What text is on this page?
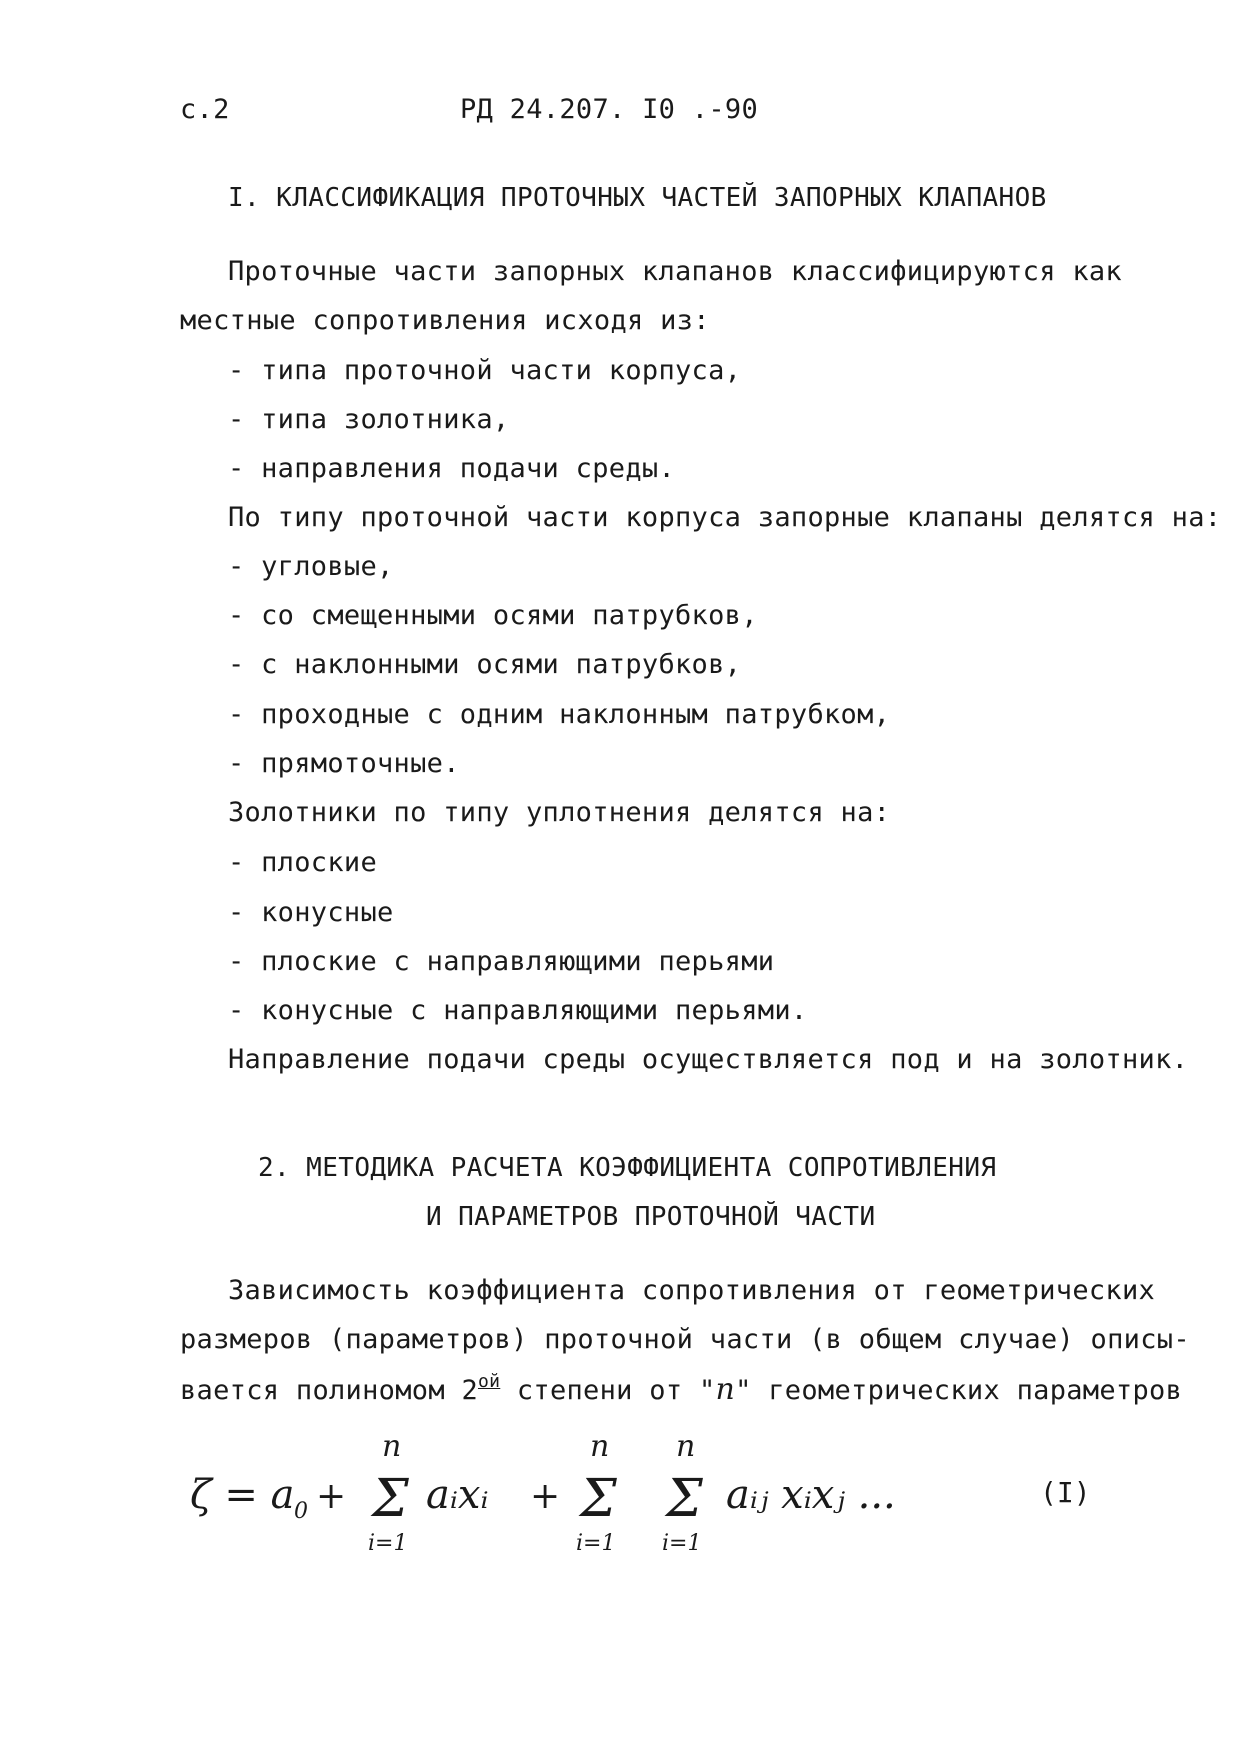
с.2	РД 24.207. I0 .-90
I. КЛАССИФИКАЦИЯ ПРОТОЧНЫХ ЧАСТЕЙ ЗАПОРНЫХ КЛАПАНОВ
Проточные части запорных клапанов классифицируются как
местные сопротивления исходя из:
- типа проточной части корпуса,
- типа золотника,
- направления подачи среды.
По типу проточной части корпуса запорные клапаны делятся на:
- угловые,
- со смещенными осями патрубков,
- с наклонными осями патрубков,
- проходные с одним наклонным патрубком,
- прямоточные.
Золотники по типу уплотнения делятся на:
- плоские
- конусные
- плоские с направляющими перьями
- конусные с направляющими перьями.
Направление подачи среды осуществляется под и на золотник.
2. МЕТОДИКА РАСЧЕТА КОЭФФИЦИЕНТА СОПРОТИВЛЕНИЯ
И ПАРАМЕТРОВ ПРОТОЧНОЙ ЧАСТИ
Зависимость коэффициента сопротивления от геометрических
размеров (параметров) проточной части (в общем случае) описы-
вается полиномом $2^{ой}$ степени от "n" геометрических параметров
ζ = a 0 +
n
Σ
i=1
aᵢxᵢ +
n
Σ
i=1
n
Σ
i=1
aᵢⱼ xᵢxⱼ ...	(I)
